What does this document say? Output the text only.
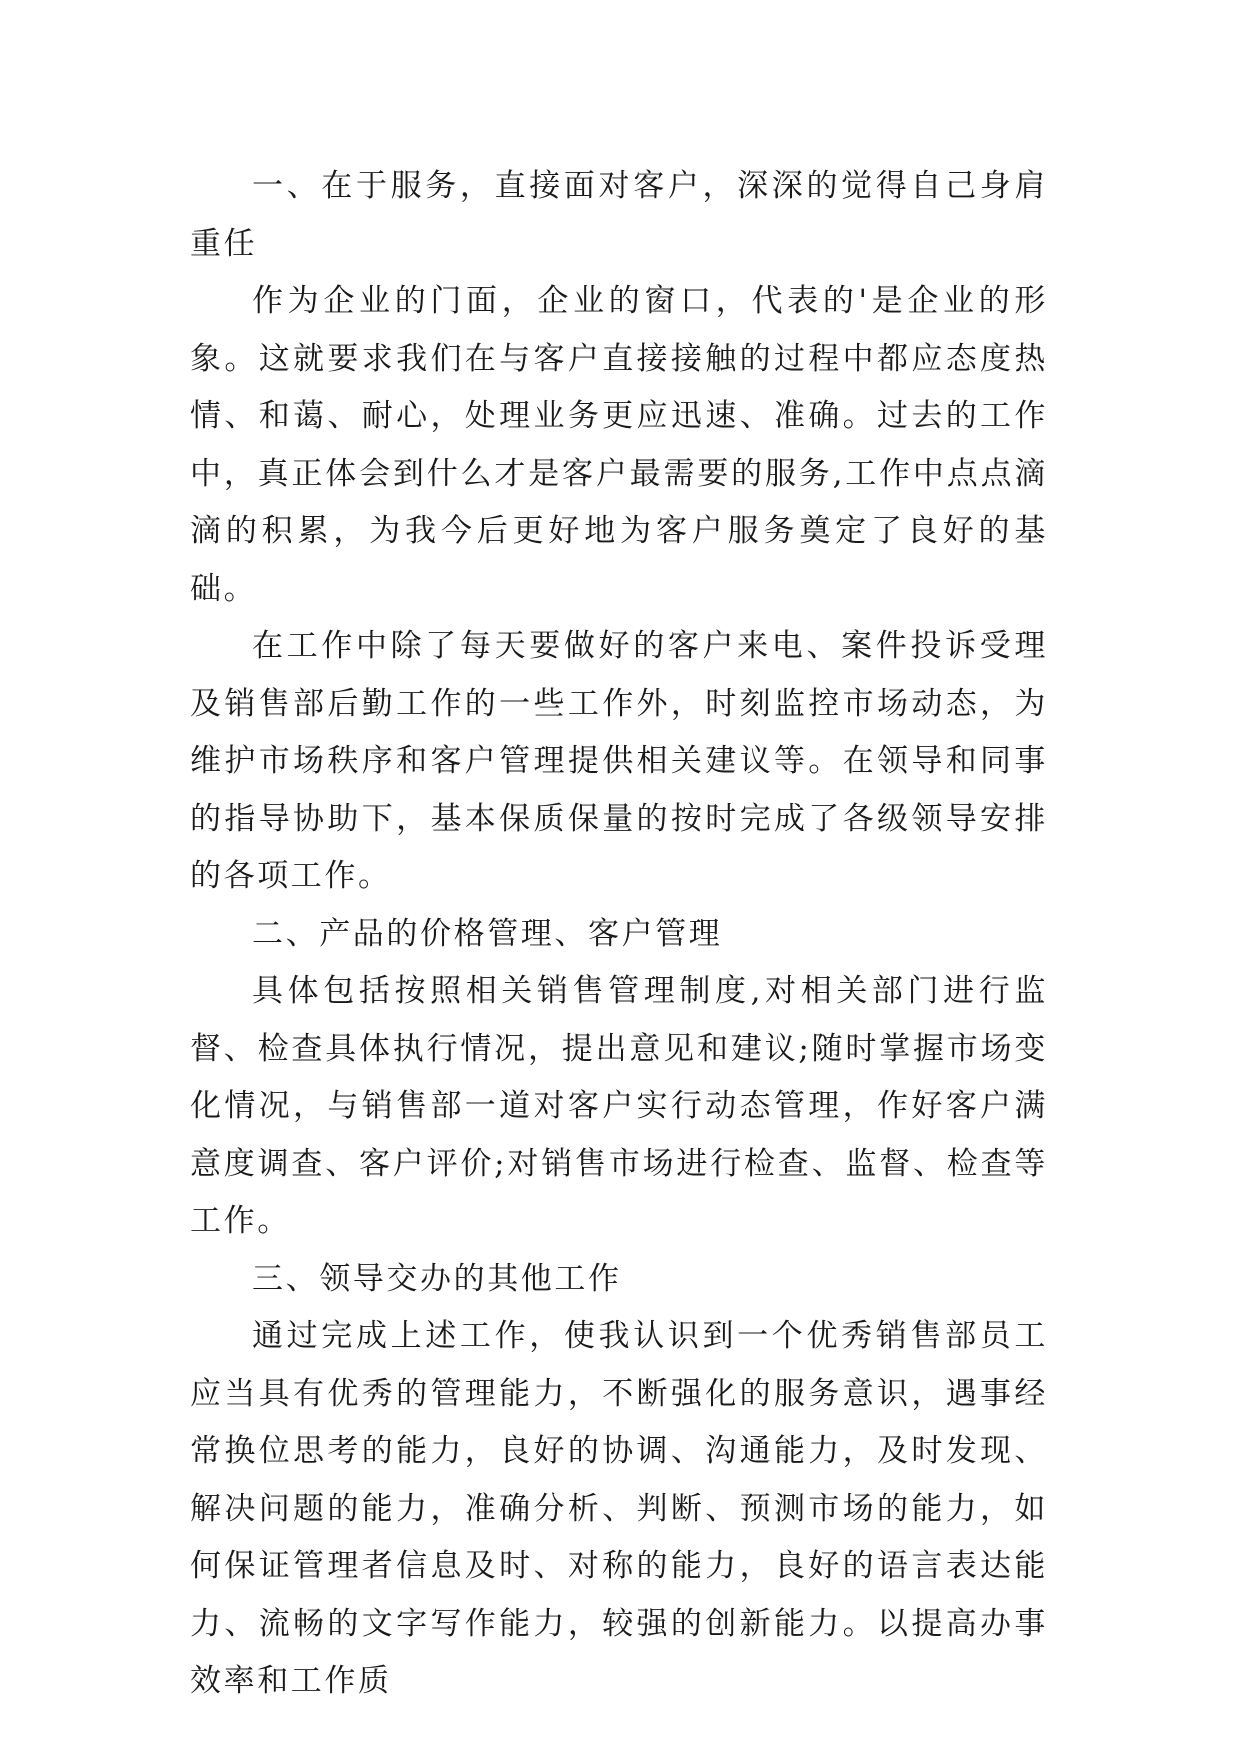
一、在于服务，直接面对客户，深深的觉得自己身肩重任

作为企业的门面，企业的窗口，代表的'是企业的形象。这就要求我们在与客户直接接触的过程中都应态度热情、和蔼、耐心，处理业务更应迅速、准确。过去的工作中，真正体会到什么才是客户最需要的服务,工作中点点滴滴的积累，为我今后更好地为客户服务奠定了良好的基础。

在工作中除了每天要做好的客户来电、案件投诉受理及销售部后勤工作的一些工作外，时刻监控市场动态，为维护市场秩序和客户管理提供相关建议等。在领导和同事的指导协助下，基本保质保量的按时完成了各级领导安排的各项工作。

二、产品的价格管理、客户管理

具体包括按照相关销售管理制度,对相关部门进行监督、检查具体执行情况，提出意见和建议;随时掌握市场变化情况，与销售部一道对客户实行动态管理，作好客户满意度调查、客户评价;对销售市场进行检查、监督、检查等工作。

三、领导交办的其他工作

通过完成上述工作，使我认识到一个优秀销售部员工应当具有优秀的管理能力，不断强化的服务意识，遇事经常换位思考的能力，良好的协调、沟通能力，及时发现、解决问题的能力，准确分析、判断、预测市场的能力，如何保证管理者信息及时、对称的能力，良好的语言表达能力、流畅的文字写作能力，较强的创新能力。以提高办事效率和工作质
